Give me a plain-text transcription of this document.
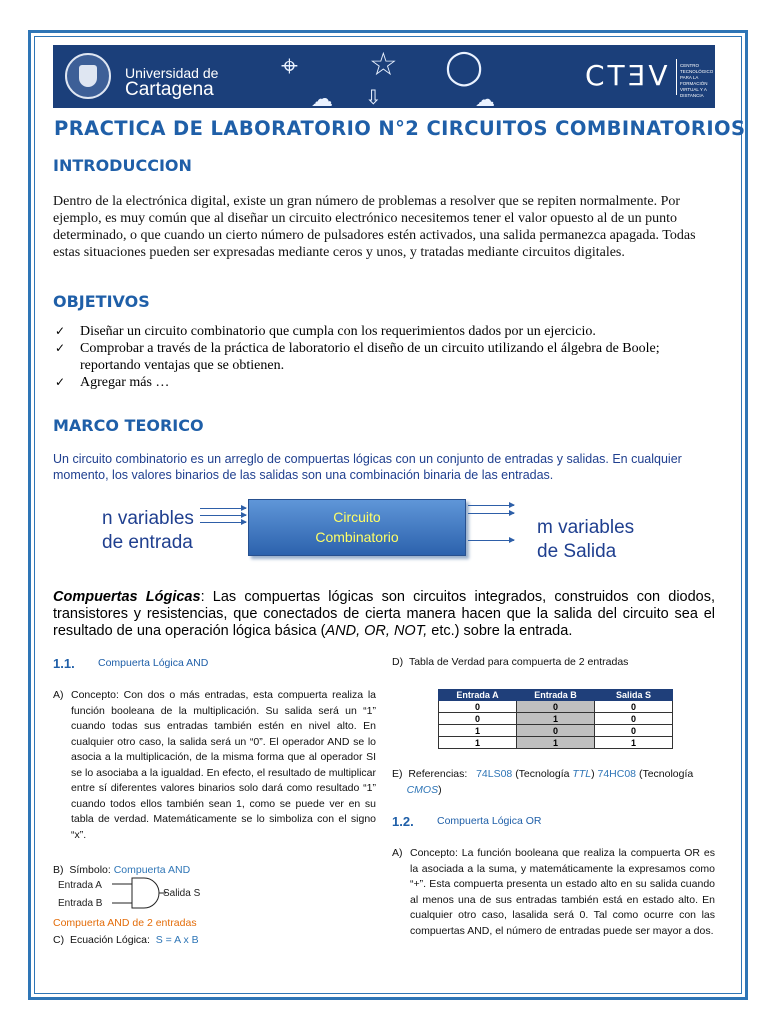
Universidad de
Cartagena
⌖ ☆ ◯
☁ ⇩	☁
CTƎV CENTRO TECNOLÓGICO PARA LA FORMACIÓN VIRTUAL Y A DISTANCIA
PRACTICA DE LABORATORIO N°2 CIRCUITOS COMBINATORIOS
INTRODUCCION
Dentro de la electrónica digital, existe un gran número de problemas a resolver que se repiten normalmente. Por ejemplo, es muy común que al diseñar un circuito electrónico necesitemos tener el valor opuesto al de un punto determinado, o que cuando un cierto número de pulsadores estén activados, una salida permanezca apagada. Todas estas situaciones pueden ser expresadas mediante ceros y unos, y tratadas mediante circuitos digitales.
OBJETIVOS
✓ Diseñar un circuito combinatorio que cumpla con los requerimientos dados por un ejercicio.
✓ Comprobar a través de la práctica de laboratorio el diseño de un circuito utilizando el álgebra de Boole; reportando ventajas que se obtienen.
✓ Agregar más …
MARCO TEORICO
Un circuito combinatorio es un arreglo de compuertas lógicas con un conjunto de entradas y salidas. En cualquier momento, los valores binarios de las salidas son una combinación binaria de las entradas.
n variables
de entrada
Circuito
Combinatorio	m variables
de Salida
Compuertas Lógicas: Las compuertas lógicas son circuitos integrados, construidos con diodos, transistores y resistencias, que conectados de cierta manera hacen que la salida del circuito sea el resultado de una operación lógica básica (AND, OR, NOT, etc.) sobre la entrada.
1.1. Compuerta Lógica AND
A) Concepto: Con dos o más entradas, esta compuerta realiza la función booleana de la multiplicación. Su salida será un “1” cuando todas sus entradas también estén en nivel alto. En cualquier otro caso, la salida será un “0”. El operador AND se lo asocia a la multiplicación, de la misma forma que al operador SI se lo asociaba a la igualdad. En efecto, el resultado de multiplicar entre sí diferentes valores binarios solo dará como resultado “1” cuando todos ellos también sean 1, como se puede ver en su tabla de verdad. Matemáticamente se lo simboliza con el signo “x”.
B) Símbolo: Compuerta AND
Entrada A
Entrada B
Salida S
Compuerta AND de 2 entradas
C) Ecuación Lógica: S = A x B
D) Tabla de Verdad para compuerta de 2 entradas
Entrada A	Entrada B	Salida S
0	0	0
0	1	0
1	0	0
1	1	1
E) Referencias: 74LS08 (Tecnología TTL) 74HC08 (Tecnología
CMOS)
1.2. Compuerta Lógica OR
A) Concepto: La función booleana que realiza la compuerta OR es la asociada a la suma, y matemáticamente la expresamos como “+”. Esta compuerta presenta un estado alto en su salida cuando al menos una de sus entradas también está en estado alto. En cualquier otro caso, lasalida será 0. Tal como ocurre con las compuertas AND, el número de entradas puede ser mayor a dos.
